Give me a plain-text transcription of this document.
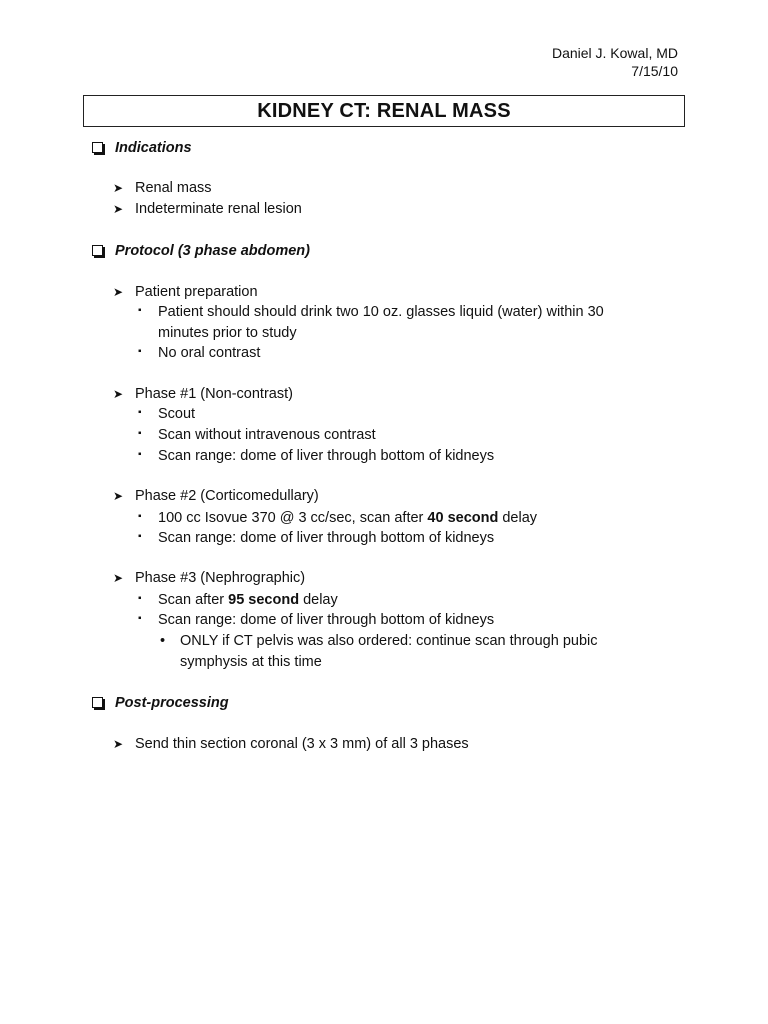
Daniel J. Kowal, MD
7/15/10
KIDNEY CT: RENAL MASS
Indications
➤ Renal mass
➤ Indeterminate renal lesion
Protocol (3 phase abdomen)
➤ Patient preparation
▪	Patient should should drink two 10 oz. glasses liquid (water) within 30 minutes prior to study
▪	No oral contrast
➤ Phase #1 (Non-contrast)
▪	Scout
▪	Scan without intravenous contrast
▪	Scan range: dome of liver through bottom of kidneys
➤ Phase #2 (Corticomedullary)
▪	100 cc Isovue 370 @ 3 cc/sec, scan after 40 second delay
▪	Scan range: dome of liver through bottom of kidneys
➤ Phase #3 (Nephrographic)
▪	Scan after 95 second delay
▪	Scan range: dome of liver through bottom of kidneys
•	ONLY if CT pelvis was also ordered: continue scan through pubic symphysis at this time
Post-processing
➤ Send thin section coronal (3 x 3 mm) of all 3 phases
